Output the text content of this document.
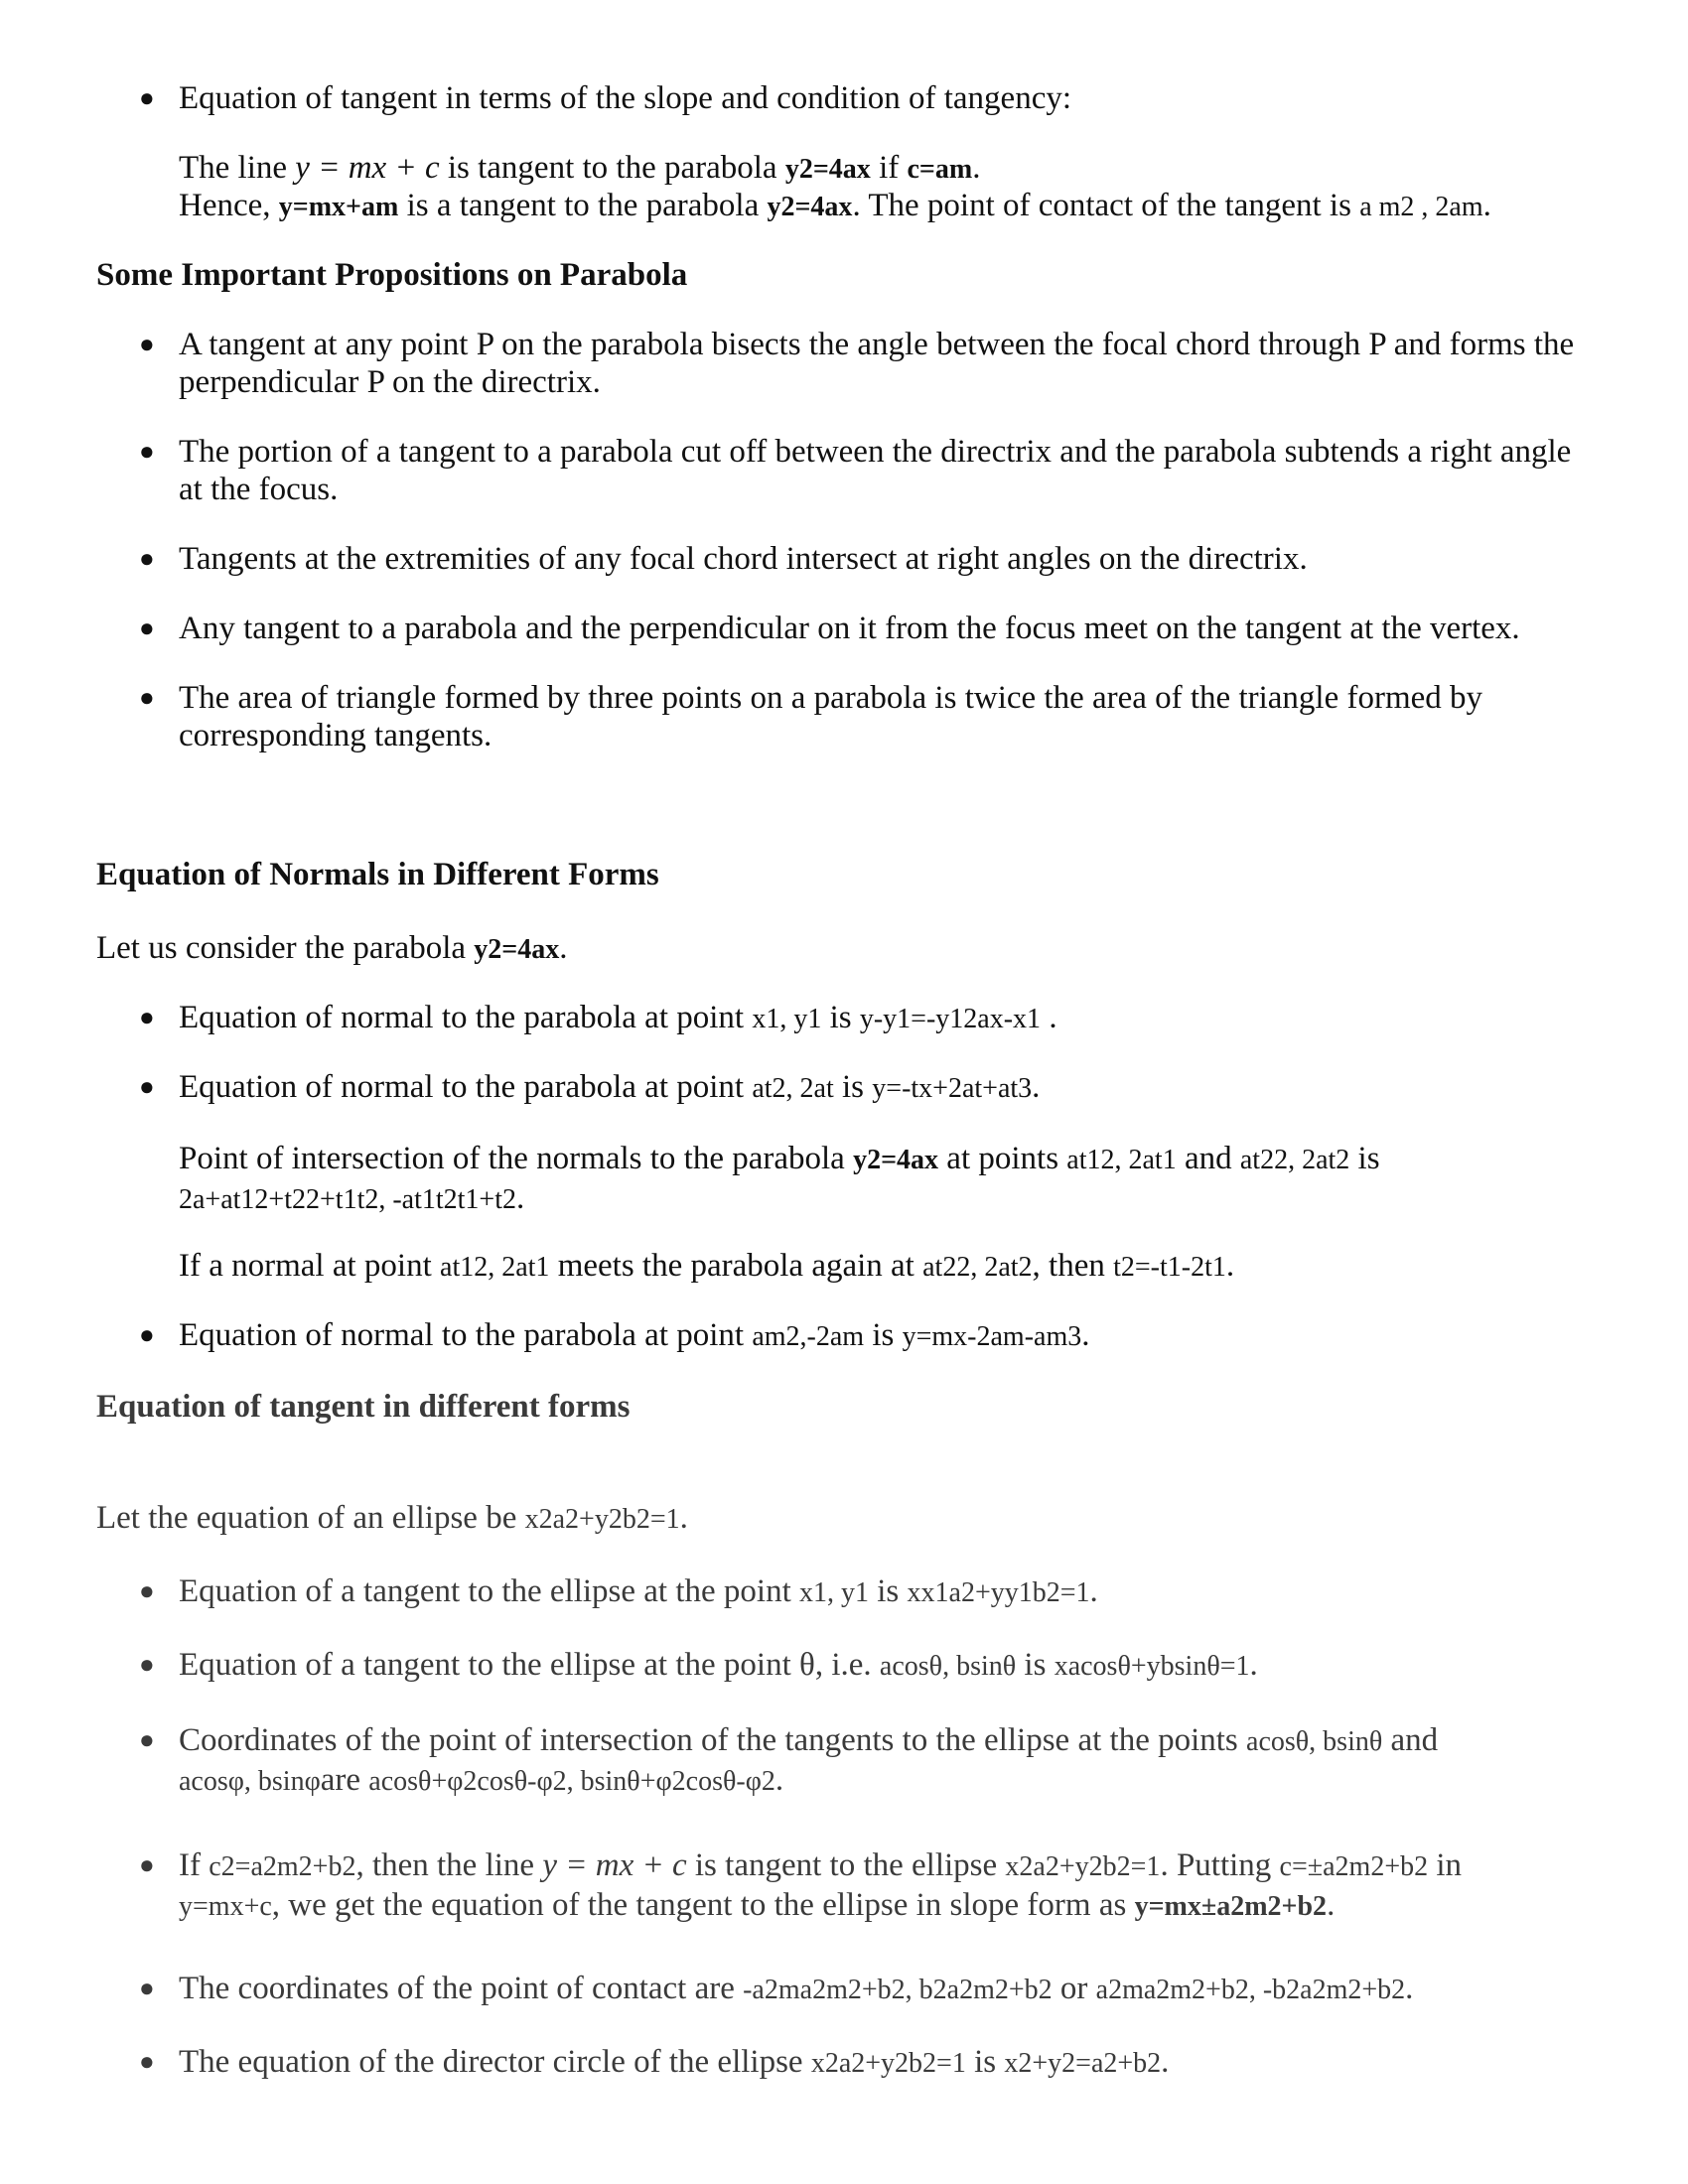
● Equation of tangent in terms of the slope and condition of tangency:
The line y = mx + c is tangent to the parabola y2=4ax if c=am.
Hence, y=mx+am is a tangent to the parabola y2=4ax. The point of contact of the tangent is a m2 , 2am.
Some Important Propositions on Parabola
● A tangent at any point P on the parabola bisects the angle between the focal chord through P and forms the
perpendicular P on the directrix.
● The portion of a tangent to a parabola cut off between the directrix and the parabola subtends a right angle
at the focus.
● Tangents at the extremities of any focal chord intersect at right angles on the directrix.
● Any tangent to a parabola and the perpendicular on it from the focus meet on the tangent at the vertex.
● The area of triangle formed by three points on a parabola is twice the area of the triangle formed by
corresponding tangents.
Equation of Normals in Different Forms
Let us consider the parabola y2=4ax.
● Equation of normal to the parabola at point x1, y1 is y-y1=-y12ax-x1 .
● Equation of normal to the parabola at point at2, 2at is y=-tx+2at+at3.
Point of intersection of the normals to the parabola y2=4ax at points at12, 2at1 and at22, 2at2 is
2a+at12+t22+t1t2, -at1t2t1+t2.
If a normal at point at12, 2at1 meets the parabola again at at22, 2at2, then t2=-t1-2t1.
● Equation of normal to the parabola at point am2,-2am is y=mx-2am-am3.
Equation of tangent in different forms
Let the equation of an ellipse be x2a2+y2b2=1.
● Equation of a tangent to the ellipse at the point x1, y1 is xx1a2+yy1b2=1.
● Equation of a tangent to the ellipse at the point θ, i.e. acosθ, bsinθ is xacosθ+ybsinθ=1.
● Coordinates of the point of intersection of the tangents to the ellipse at the points acosθ, bsinθ and
acosφ, bsinφare acosθ+φ2cosθ-φ2, bsinθ+φ2cosθ-φ2.
● If c2=a2m2+b2, then the line y = mx + c is tangent to the ellipse x2a2+y2b2=1. Putting c=±a2m2+b2 in
y=mx+c, we get the equation of the tangent to the ellipse in slope form as y=mx±a2m2+b2.
● The coordinates of the point of contact are -a2ma2m2+b2, b2a2m2+b2 or a2ma2m2+b2, -b2a2m2+b2.
● The equation of the director circle of the ellipse x2a2+y2b2=1 is x2+y2=a2+b2.
